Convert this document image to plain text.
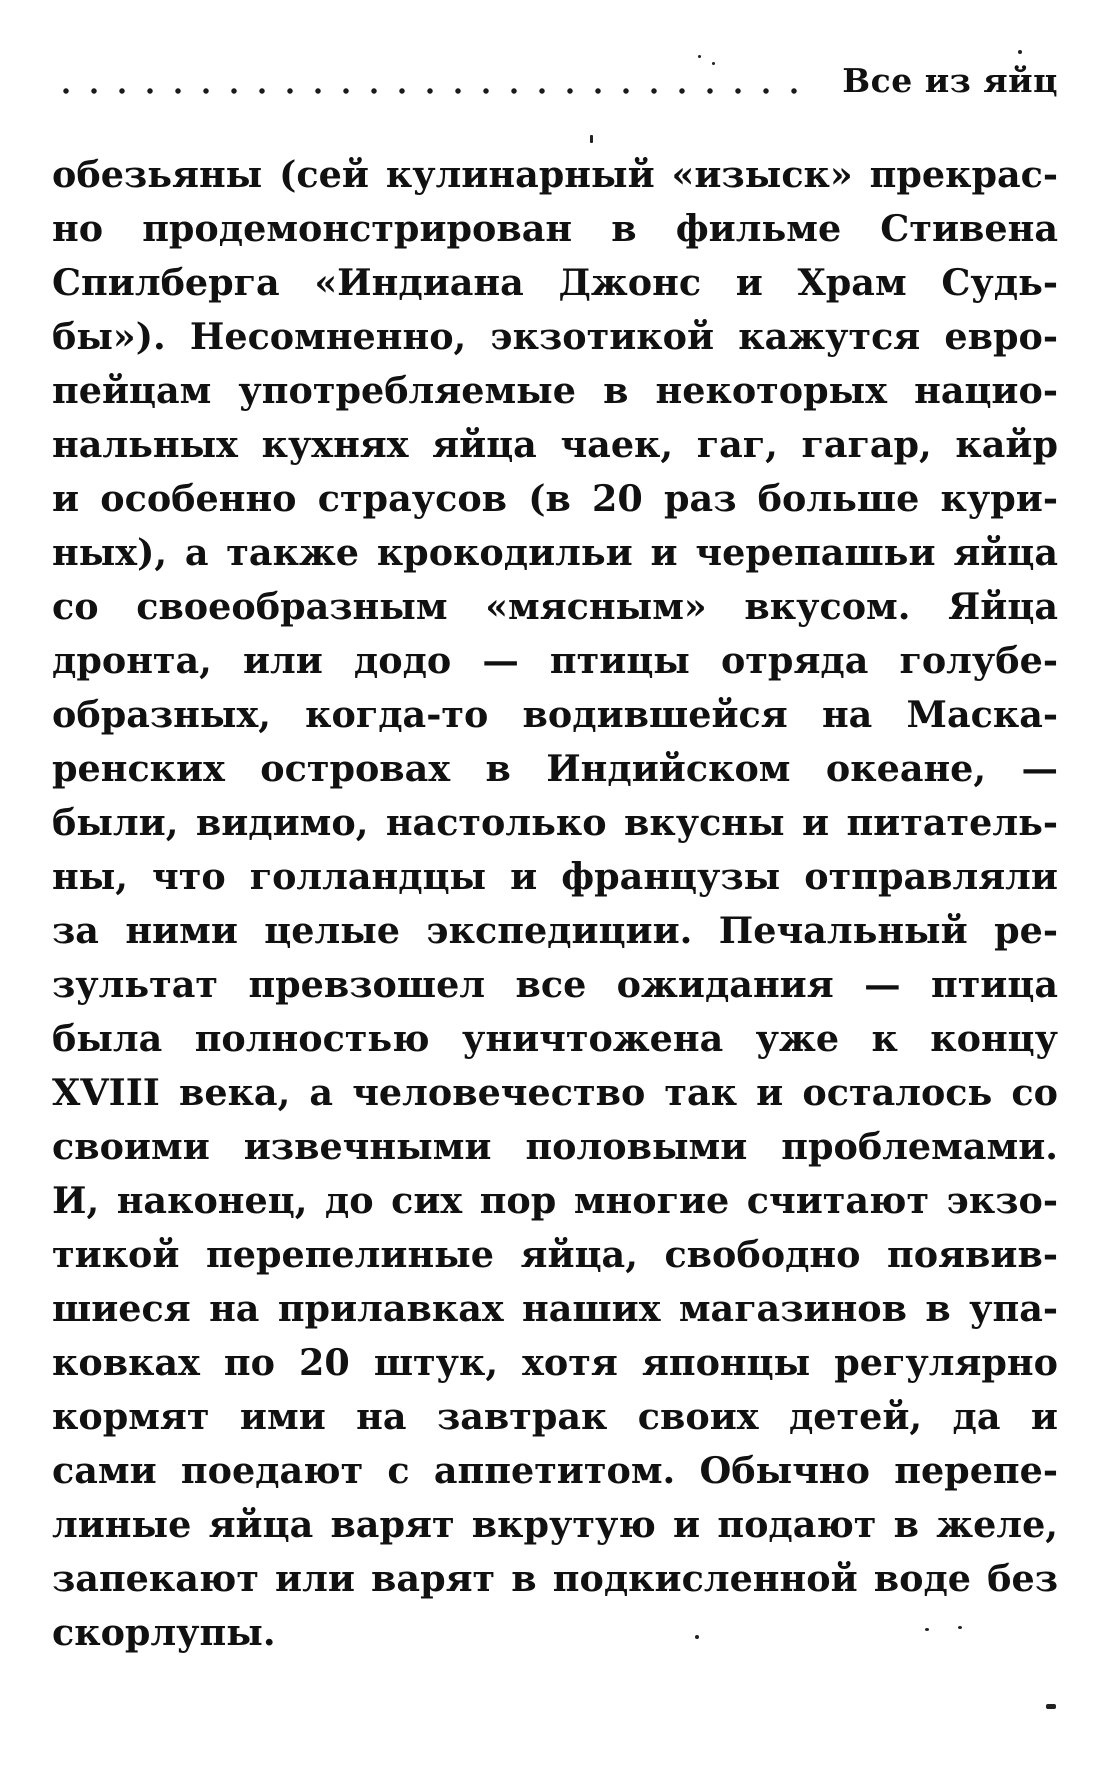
Все из яйц
обезьяны (сей кулинарный «изыск» прекрас-
но продемонстрирован в фильме Стивена
Спилберга «Индиана Джонс и Храм Судь-
бы»). Несомненно, экзотикой кажутся евро-
пейцам употребляемые в некоторых нацио-
нальных кухнях яйца чаек, гаг, гагар, кайр
и особенно страусов (в 20 раз больше кури-
ных), а также крокодильи и черепашьи яйца
со своеобразным «мясным» вкусом. Яйца
дронта, или додо — птицы отряда голубе-
образных, когда-то водившейся на Маска-
ренских островах в Индийском океане, —
были, видимо, настолько вкусны и питатель-
ны, что голландцы и французы отправляли
за ними целые экспедиции. Печальный ре-
зультат превзошел все ожидания — птица
была полностью уничтожена уже к концу
XVIII века, а человечество так и осталось со
своими извечными половыми проблемами.
И, наконец, до сих пор многие считают экзо-
тикой перепелиные яйца, свободно появив-
шиеся на прилавках наших магазинов в упа-
ковках по 20 штук, хотя японцы регулярно
кормят ими на завтрак своих детей, да и
сами поедают с аппетитом. Обычно перепе-
линые яйца варят вкрутую и подают в желе,
запекают или варят в подкисленной воде без
скорлупы.
